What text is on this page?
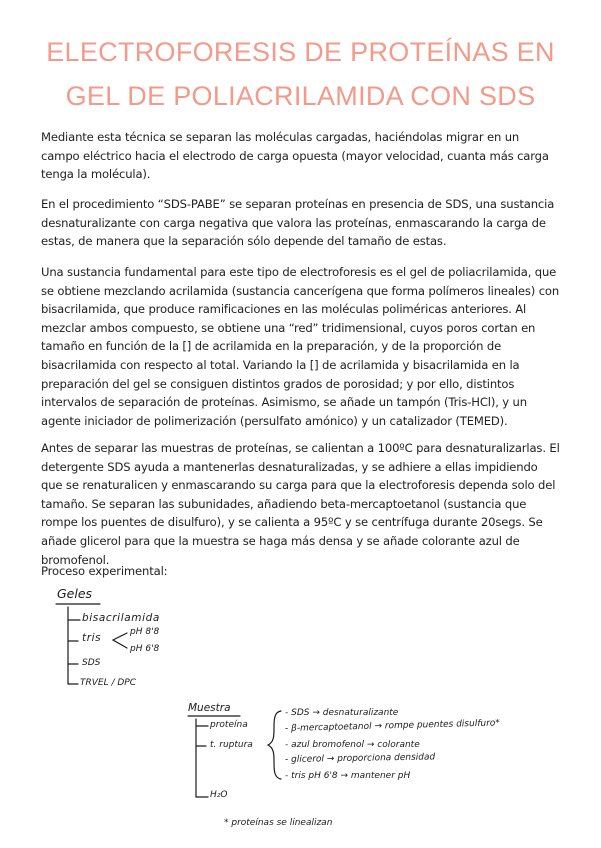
ELECTROFORESIS DE PROTEÍNAS EN
GEL DE POLIACRILAMIDA CON SDS

Mediante esta técnica se separan las moléculas cargadas, haciéndolas migrar en un campo eléctrico hacia el electrodo de carga opuesta (mayor velocidad, cuanta más carga tenga la molécula).

En el procedimiento “SDS-PABE” se separan proteínas en presencia de SDS, una sustancia desnaturalizante con carga negativa que valora las proteínas, enmascarando la carga de estas, de manera que la separación sólo depende del tamaño de estas.

Una sustancia fundamental para este tipo de electroforesis es el gel de poliacrilamida, que se obtiene mezclando acrilamida (sustancia cancerígena que forma polímeros lineales) con bisacrilamida, que produce ramificaciones en las moléculas poliméricas anteriores. Al mezclar ambos compuesto, se obtiene una “red” tridimensional, cuyos poros cortan en tamaño en función de la [] de acrilamida en la preparación, y de la proporción de bisacrilamida con respecto al total. Variando la [] de acrilamida y bisacrilamida en la preparación del gel se consiguen distintos grados de porosidad; y por ello, distintos intervalos de separación de proteínas. Asimismo, se añade un tampón (Tris-HCl), y un agente iniciador de polimerización (persulfato amónico) y un catalizador (TEMED).

Antes de separar las muestras de proteínas, se calientan a 100ºC para desnaturalizarlas. El detergente SDS ayuda a mantenerlas desnaturalizadas, y se adhiere a ellas impidiendo que se renaturalicen y enmascarando su carga para que la electroforesis dependa solo del tamaño. Se separan las subunidades, añadiendo beta-mercaptoetanol (sustancia que rompe los puentes de disulfuro), y se calienta a 95ºC y se centrífuga durante 20segs. Se añade glicerol para que la muestra se haga más densa y se añade colorante azul de bromofenol.

Proceso experimental:

Geles
bisacrilamida
tris	pH 8'8
pH 6'8
SDS
TRVEL / DPC
Muestra
proteína
t. ruptura
H₂O
- SDS → desnaturalizante
- β-mercaptoetanol → rompe puentes disulfuro*
- azul bromofenol → colorante
- glicerol → proporciona densidad
- tris pH 6'8 → mantener pH
* proteínas se linealizan
